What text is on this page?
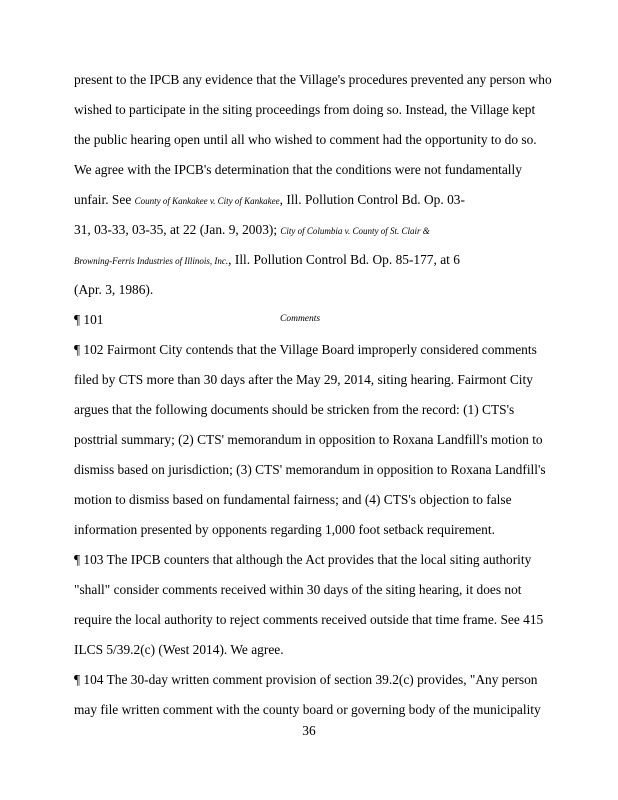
present to the IPCB any evidence that the Village's procedures prevented any person who
wished to participate in the siting proceedings from doing so. Instead, the Village kept
the public hearing open until all who wished to comment had the opportunity to do so.
We agree with the IPCB's determination that the conditions were not fundamentally
unfair. See County of Kankakee v. City of Kankakee, Ill. Pollution Control Bd. Op. 03-
31, 03-33, 03-35, at 22 (Jan. 9, 2003); City of Columbia v. County of St. Clair &
Browning-Ferris Industries of Illinois, Inc., Ill. Pollution Control Bd. Op. 85-177, at 6
(Apr. 3, 1986).
¶ 101	Comments
¶ 102 Fairmont City contends that the Village Board improperly considered comments
filed by CTS more than 30 days after the May 29, 2014, siting hearing. Fairmont City
argues that the following documents should be stricken from the record: (1) CTS's
posttrial summary; (2) CTS' memorandum in opposition to Roxana Landfill's motion to
dismiss based on jurisdiction; (3) CTS' memorandum in opposition to Roxana Landfill's
motion to dismiss based on fundamental fairness; and (4) CTS's objection to false
information presented by opponents regarding 1,000 foot setback requirement.
¶ 103 The IPCB counters that although the Act provides that the local siting authority
"shall" consider comments received within 30 days of the siting hearing, it does not
require the local authority to reject comments received outside that time frame. See 415
ILCS 5/39.2(c) (West 2014). We agree.
¶ 104 The 30-day written comment provision of section 39.2(c) provides, "Any person
may file written comment with the county board or governing body of the municipality
36
